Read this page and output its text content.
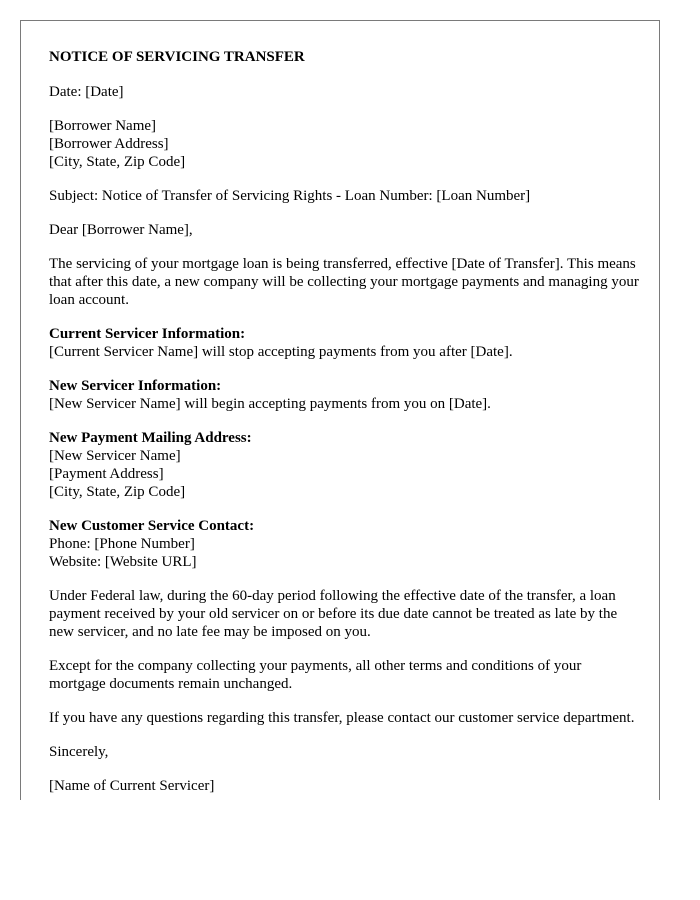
NOTICE OF SERVICING TRANSFER

Date: [Date]

[Borrower Name]
[Borrower Address]
[City, State, Zip Code]

Subject: Notice of Transfer of Servicing Rights - Loan Number: [Loan Number]

Dear [Borrower Name],

The servicing of your mortgage loan is being transferred, effective [Date of Transfer]. This means that after this date, a new company will be collecting your mortgage payments and managing your loan account.

Current Servicer Information:
[Current Servicer Name] will stop accepting payments from you after [Date].

New Servicer Information:
[New Servicer Name] will begin accepting payments from you on [Date].

New Payment Mailing Address:
[New Servicer Name]
[Payment Address]
[City, State, Zip Code]

New Customer Service Contact:
Phone: [Phone Number]
Website: [Website URL]

Under Federal law, during the 60-day period following the effective date of the transfer, a loan payment received by your old servicer on or before its due date cannot be treated as late by the new servicer, and no late fee may be imposed on you.

Except for the company collecting your payments, all other terms and conditions of your mortgage documents remain unchanged.

If you have any questions regarding this transfer, please contact our customer service department.

Sincerely,

[Name of Current Servicer]
